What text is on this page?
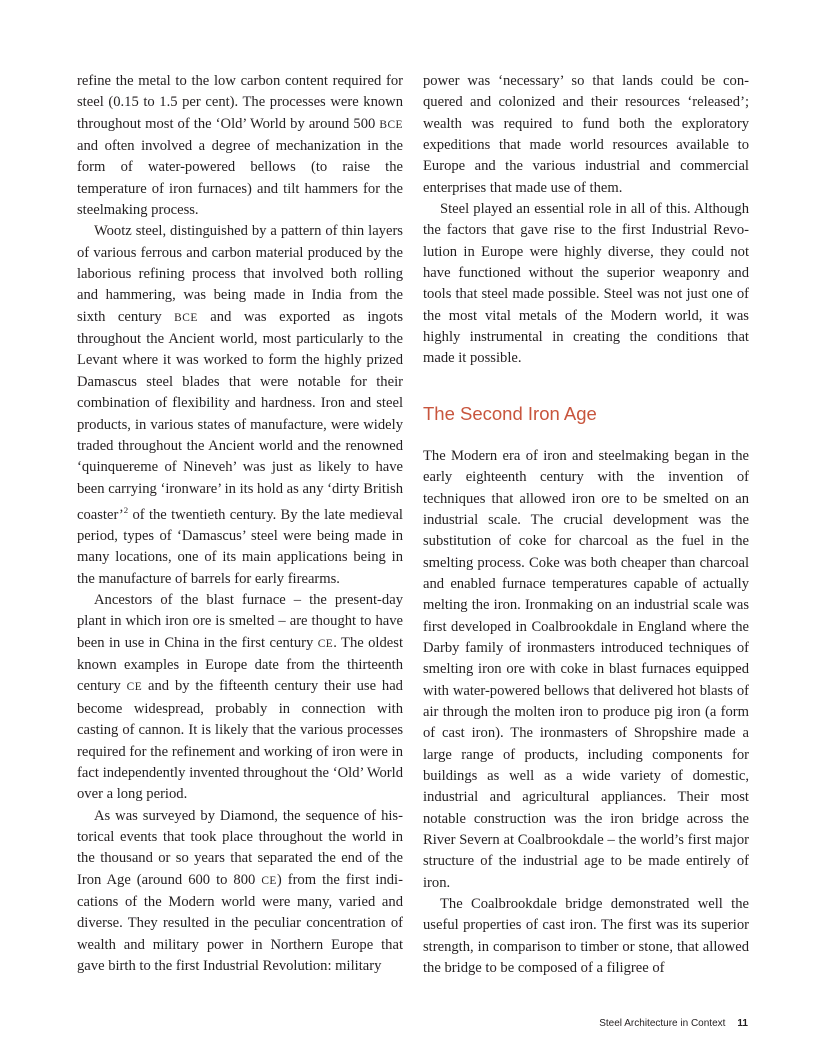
refine the metal to the low carbon content required for steel (0.15 to 1.5 per cent). The processes were known throughout most of the ‘Old’ World by around 500 BCE and often involved a degree of mechanization in the form of water-powered bellows (to raise the temperature of iron furnaces) and tilt hammers for the steelmaking process.

Wootz steel, distinguished by a pattern of thin layers of various ferrous and carbon material produced by the laborious refining process that involved both rolling and hammering, was being made in India from the sixth century BCE and was exported as ingots throughout the Ancient world, most particularly to the Levant where it was worked to form the highly prized Damascus steel blades that were notable for their combination of flexibility and hardness. Iron and steel products, in various states of manufacture, were widely traded throughout the Ancient world and the renowned ‘quinquereme of Nineveh’ was just as likely to have been carrying ‘ironware’ in its hold as any ‘dirty British coaster’$^2$ of the twentieth century. By the late medieval period, types of ‘Damascus’ steel were being made in many locations, one of its main applications being in the manufacture of barrels for early firearms.

Ancestors of the blast furnace – the present-day plant in which iron ore is smelted – are thought to have been in use in China in the first century CE. The oldest known examples in Europe date from the thirteenth century CE and by the fifteenth century their use had become widespread, probably in connection with casting of cannon. It is likely that the various processes required for the refinement and working of iron were in fact independently invented throughout the ‘Old’ World over a long period.

As was surveyed by Diamond, the sequence of historical events that took place throughout the world in the thousand or so years that separated the end of the Iron Age (around 600 to 800 CE) from the first indications of the Modern world were many, varied and diverse. They resulted in the peculiar concentration of wealth and military power in Northern Europe that gave birth to the first Industrial Revolution: military

power was ‘necessary’ so that lands could be conquered and colonized and their resources ‘released’; wealth was required to fund both the exploratory expeditions that made world resources available to Europe and the various industrial and commercial enterprises that made use of them.

Steel played an essential role in all of this. Although the factors that gave rise to the first Industrial Revolution in Europe were highly diverse, they could not have functioned without the superior weaponry and tools that steel made possible. Steel was not just one of the most vital metals of the Modern world, it was highly instrumental in creating the conditions that made it possible.

The Second Iron Age

The Modern era of iron and steelmaking began in the early eighteenth century with the invention of techniques that allowed iron ore to be smelted on an industrial scale. The crucial development was the substitution of coke for charcoal as the fuel in the smelting process. Coke was both cheaper than charcoal and enabled furnace temperatures capable of actually melting the iron. Ironmaking on an industrial scale was first developed in Coalbrookdale in England where the Darby family of ironmasters introduced techniques of smelting iron ore with coke in blast furnaces equipped with water-powered bellows that delivered hot blasts of air through the molten iron to produce pig iron (a form of cast iron). The ironmasters of Shropshire made a large range of products, including components for buildings as well as a wide variety of domestic, industrial and agricultural appliances. Their most notable construction was the iron bridge across the River Severn at Coalbrookdale – the world’s first major structure of the industrial age to be made entirely of iron.

The Coalbrookdale bridge demonstrated well the useful properties of cast iron. The first was its superior strength, in comparison to timber or stone, that allowed the bridge to be composed of a filigree of

Steel Architecture in Context 11
